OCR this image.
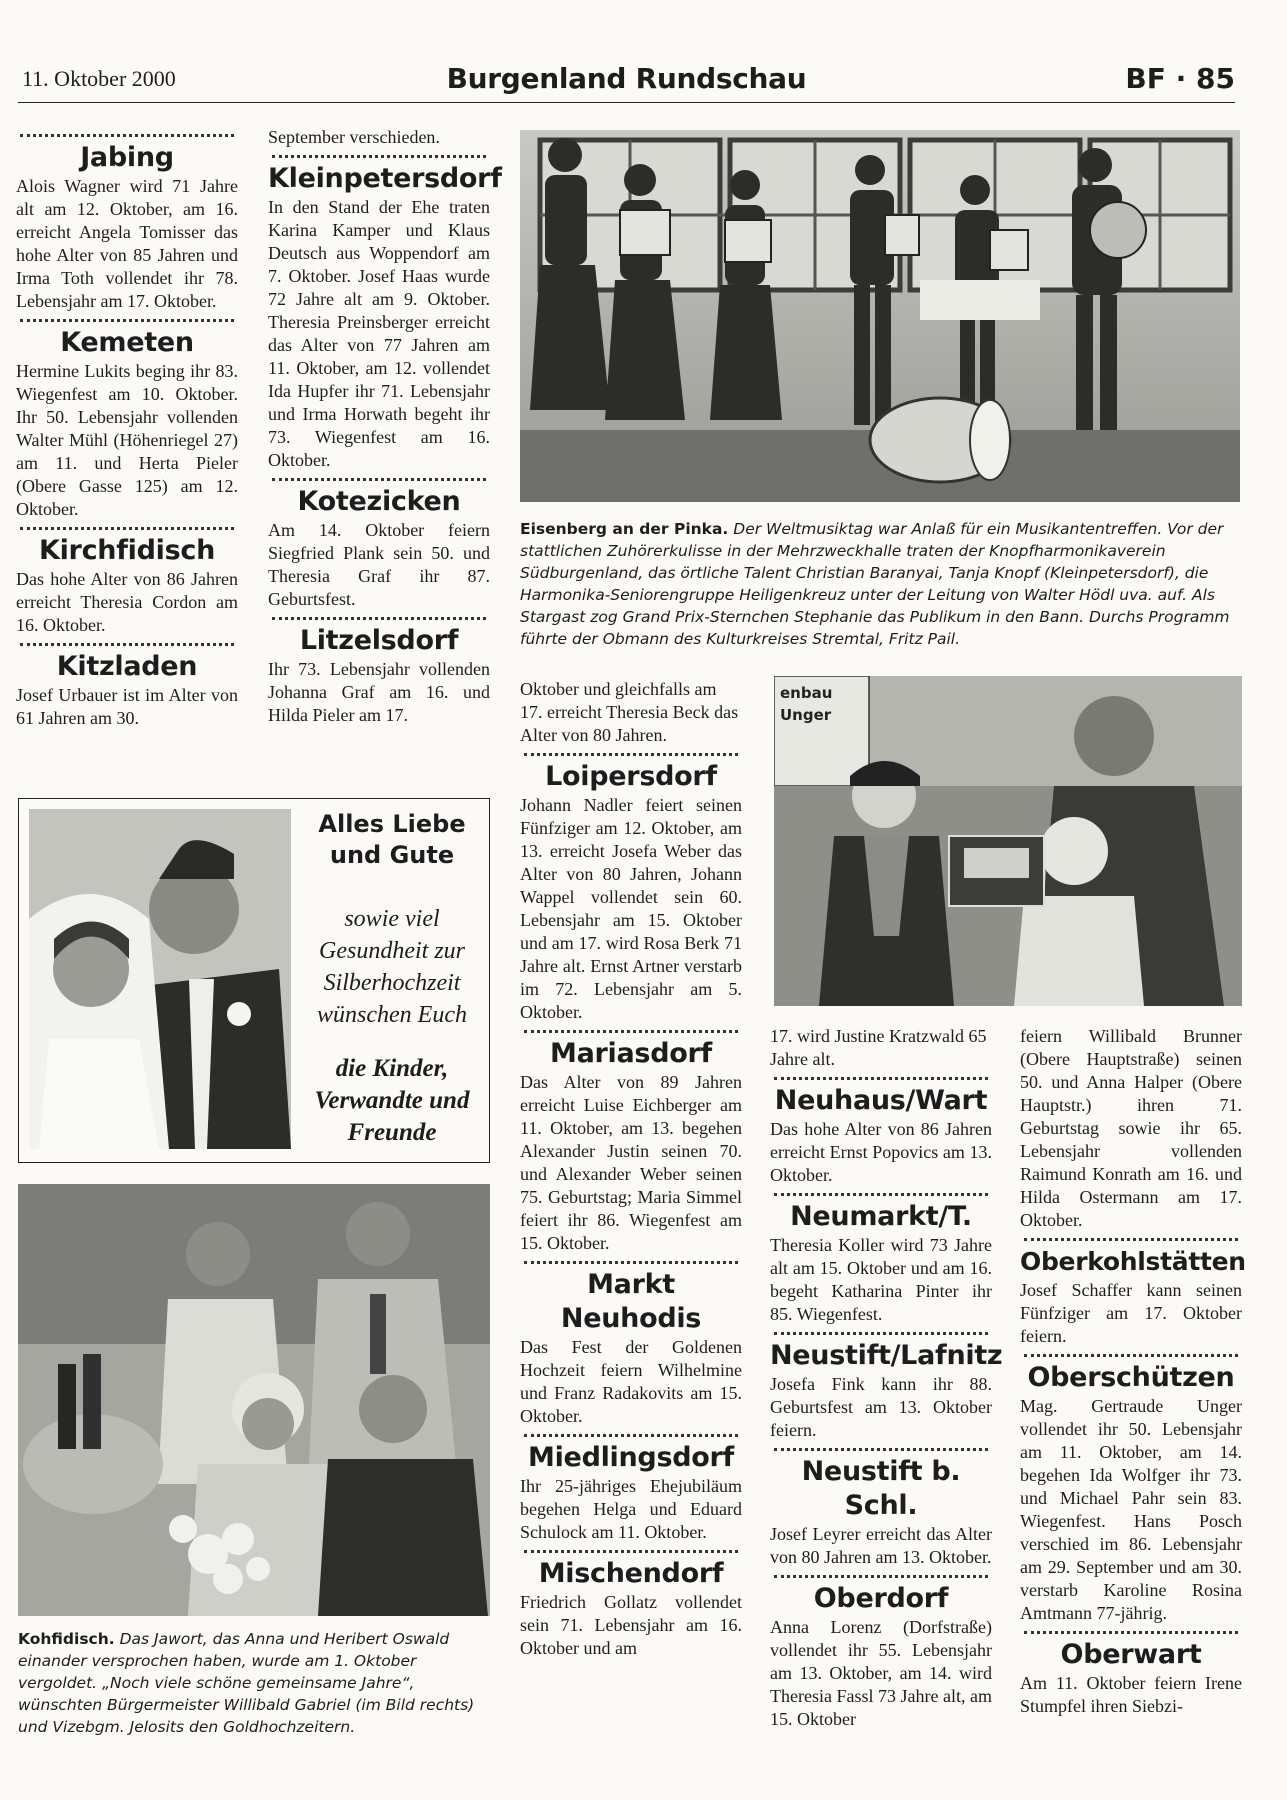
11. Oktober 2000	Burgenland Rundschau	BF · 85
Jabing
Alois Wagner wird 71 Jahre alt am 12. Oktober, am 16. erreicht Angela Tomisser das hohe Alter von 85 Jahren und Irma Toth vollendet ihr 78. Lebensjahr am 17. Oktober.
Kemeten
Hermine Lukits beging ihr 83. Wiegenfest am 10. Oktober. Ihr 50. Lebensjahr vollenden Walter Mühl (Höhenriegel 27) am 11. und Herta Pieler (Obere Gasse 125) am 12. Oktober.
Kirchfidisch
Das hohe Alter von 86 Jahren erreicht Theresia Cordon am 16. Oktober.
Kitzladen
Josef Urbauer ist im Alter von 61 Jahren am 30.
September verschieden.
Kleinpetersdorf
In den Stand der Ehe traten Karina Kamper und Klaus Deutsch aus Woppendorf am 7. Oktober. Josef Haas wurde 72 Jahre alt am 9. Oktober. Theresia Preinsberger erreicht das Alter von 77 Jahren am 11. Oktober, am 12. vollendet Ida Hupfer ihr 71. Lebensjahr und Irma Horwath begeht ihr 73. Wiegenfest am 16. Oktober.
Kotezicken
Am 14. Oktober feiern Siegfried Plank sein 50. und Theresia Graf ihr 87. Geburtsfest.
Litzelsdorf
Ihr 73. Lebensjahr vollenden Johanna Graf am 16. und Hilda Pieler am 17.
Eisenberg an der Pinka. Der Weltmusiktag war Anlaß für ein Musikantentreffen. Vor der stattlichen Zuhörerkulisse in der Mehrzweckhalle traten der Knopfharmonikaverein Südburgenland, das örtliche Talent Christian Baranyai, Tanja Knopf (Kleinpetersdorf), die Harmonika-Seniorengruppe Heiligenkreuz unter der Leitung von Walter Hödl uva. auf. Als Stargast zog Grand Prix-Sternchen Stephanie das Publikum in den Bann. Durchs Programm führte der Obmann des Kulturkreises Stremtal, Fritz Pail.
Alles Liebe und Gute
sowie viel Gesundheit zur Silberhochzeit wünschen Euch
die Kinder, Verwandte und Freunde
Kohfidisch. Das Jawort, das Anna und Heribert Oswald einander versprochen haben, wurde am 1. Oktober vergoldet. „Noch viele schöne gemeinsame Jahre“, wünschten Bürgermeister Willibald Gabriel (im Bild rechts) und Vizebgm. Jelosits den Goldhochzeitern.
enbau
Unger
Oktober und gleichfalls am 17. erreicht Theresia Beck das Alter von 80 Jahren.
Loipersdorf
Johann Nadler feiert seinen Fünfziger am 12. Oktober, am 13. erreicht Josefa Weber das Alter von 80 Jahren, Johann Wappel vollendet sein 60. Lebensjahr am 15. Oktober und am 17. wird Rosa Berk 71 Jahre alt. Ernst Artner verstarb im 72. Lebensjahr am 5. Oktober.
Mariasdorf
Das Alter von 89 Jahren erreicht Luise Eichberger am 11. Oktober, am 13. begehen Alexander Justin seinen 70. und Alexander Weber seinen 75. Geburtstag; Maria Simmel feiert ihr 86. Wiegenfest am 15. Oktober.
Markt Neuhodis
Das Fest der Goldenen Hochzeit feiern Wilhelmine und Franz Radakovits am 15. Oktober.
Miedlingsdorf
Ihr 25-jähriges Ehejubiläum begehen Helga und Eduard Schulock am 11. Oktober.
Mischendorf
Friedrich Gollatz vollendet sein 71. Lebensjahr am 16. Oktober und am
17. wird Justine Kratzwald 65 Jahre alt.
Neuhaus/Wart
Das hohe Alter von 86 Jahren erreicht Ernst Popovics am 13. Oktober.
Neumarkt/T.
Theresia Koller wird 73 Jahre alt am 15. Oktober und am 16. begeht Katharina Pinter ihr 85. Wiegenfest.
Neustift/Lafnitz
Josefa Fink kann ihr 88. Geburtsfest am 13. Oktober feiern.
Neustift b. Schl.
Josef Leyrer erreicht das Alter von 80 Jahren am 13. Oktober.
Oberdorf
Anna Lorenz (Dorfstraße) vollendet ihr 55. Lebensjahr am 13. Oktober, am 14. wird Theresia Fassl 73 Jahre alt, am 15. Oktober
feiern Willibald Brunner (Obere Hauptstraße) seinen 50. und Anna Halper (Obere Hauptstr.) ihren 71. Geburtstag sowie ihr 65. Lebensjahr vollenden Raimund Konrath am 16. und Hilda Ostermann am 17. Oktober.
Oberkohlstätten
Josef Schaffer kann seinen Fünfziger am 17. Oktober feiern.
Oberschützen
Mag. Gertraude Unger vollendet ihr 50. Lebensjahr am 11. Oktober, am 14. begehen Ida Wolfger ihr 73. und Michael Pahr sein 83. Wiegenfest. Hans Posch verschied im 86. Lebensjahr am 29. September und am 30. verstarb Karoline Rosina Amtmann 77-jährig.
Oberwart
Am 11. Oktober feiern Irene Stumpfel ihren Siebzi-
